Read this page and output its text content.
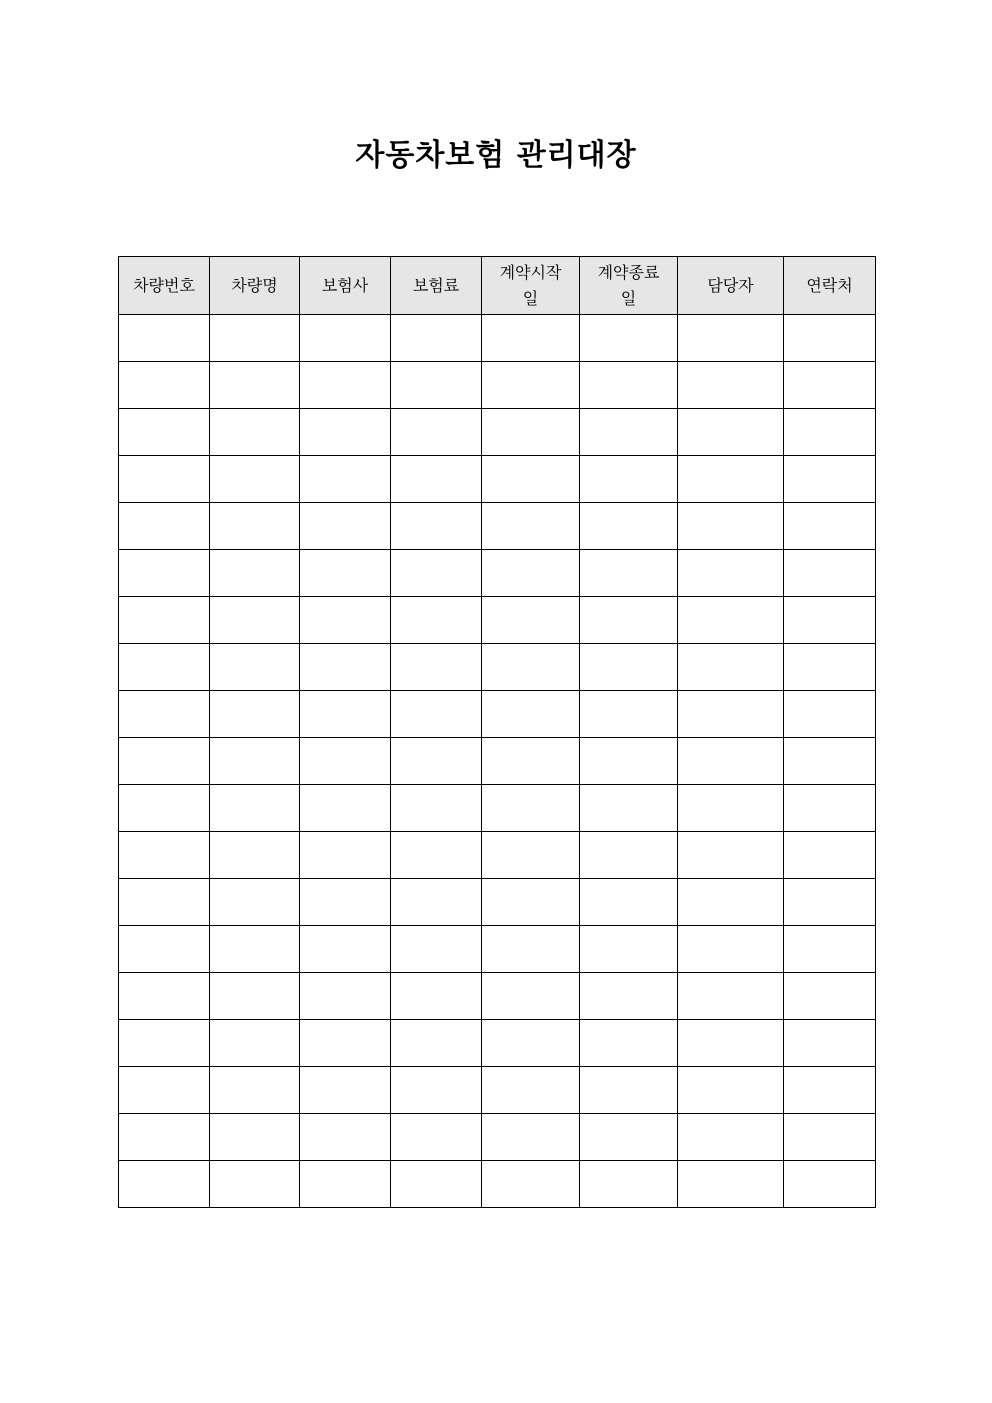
자동차보험 관리대장
차량번호	차량명	보험사	보험료	계약시작일	계약종료일	담당자	연락처
